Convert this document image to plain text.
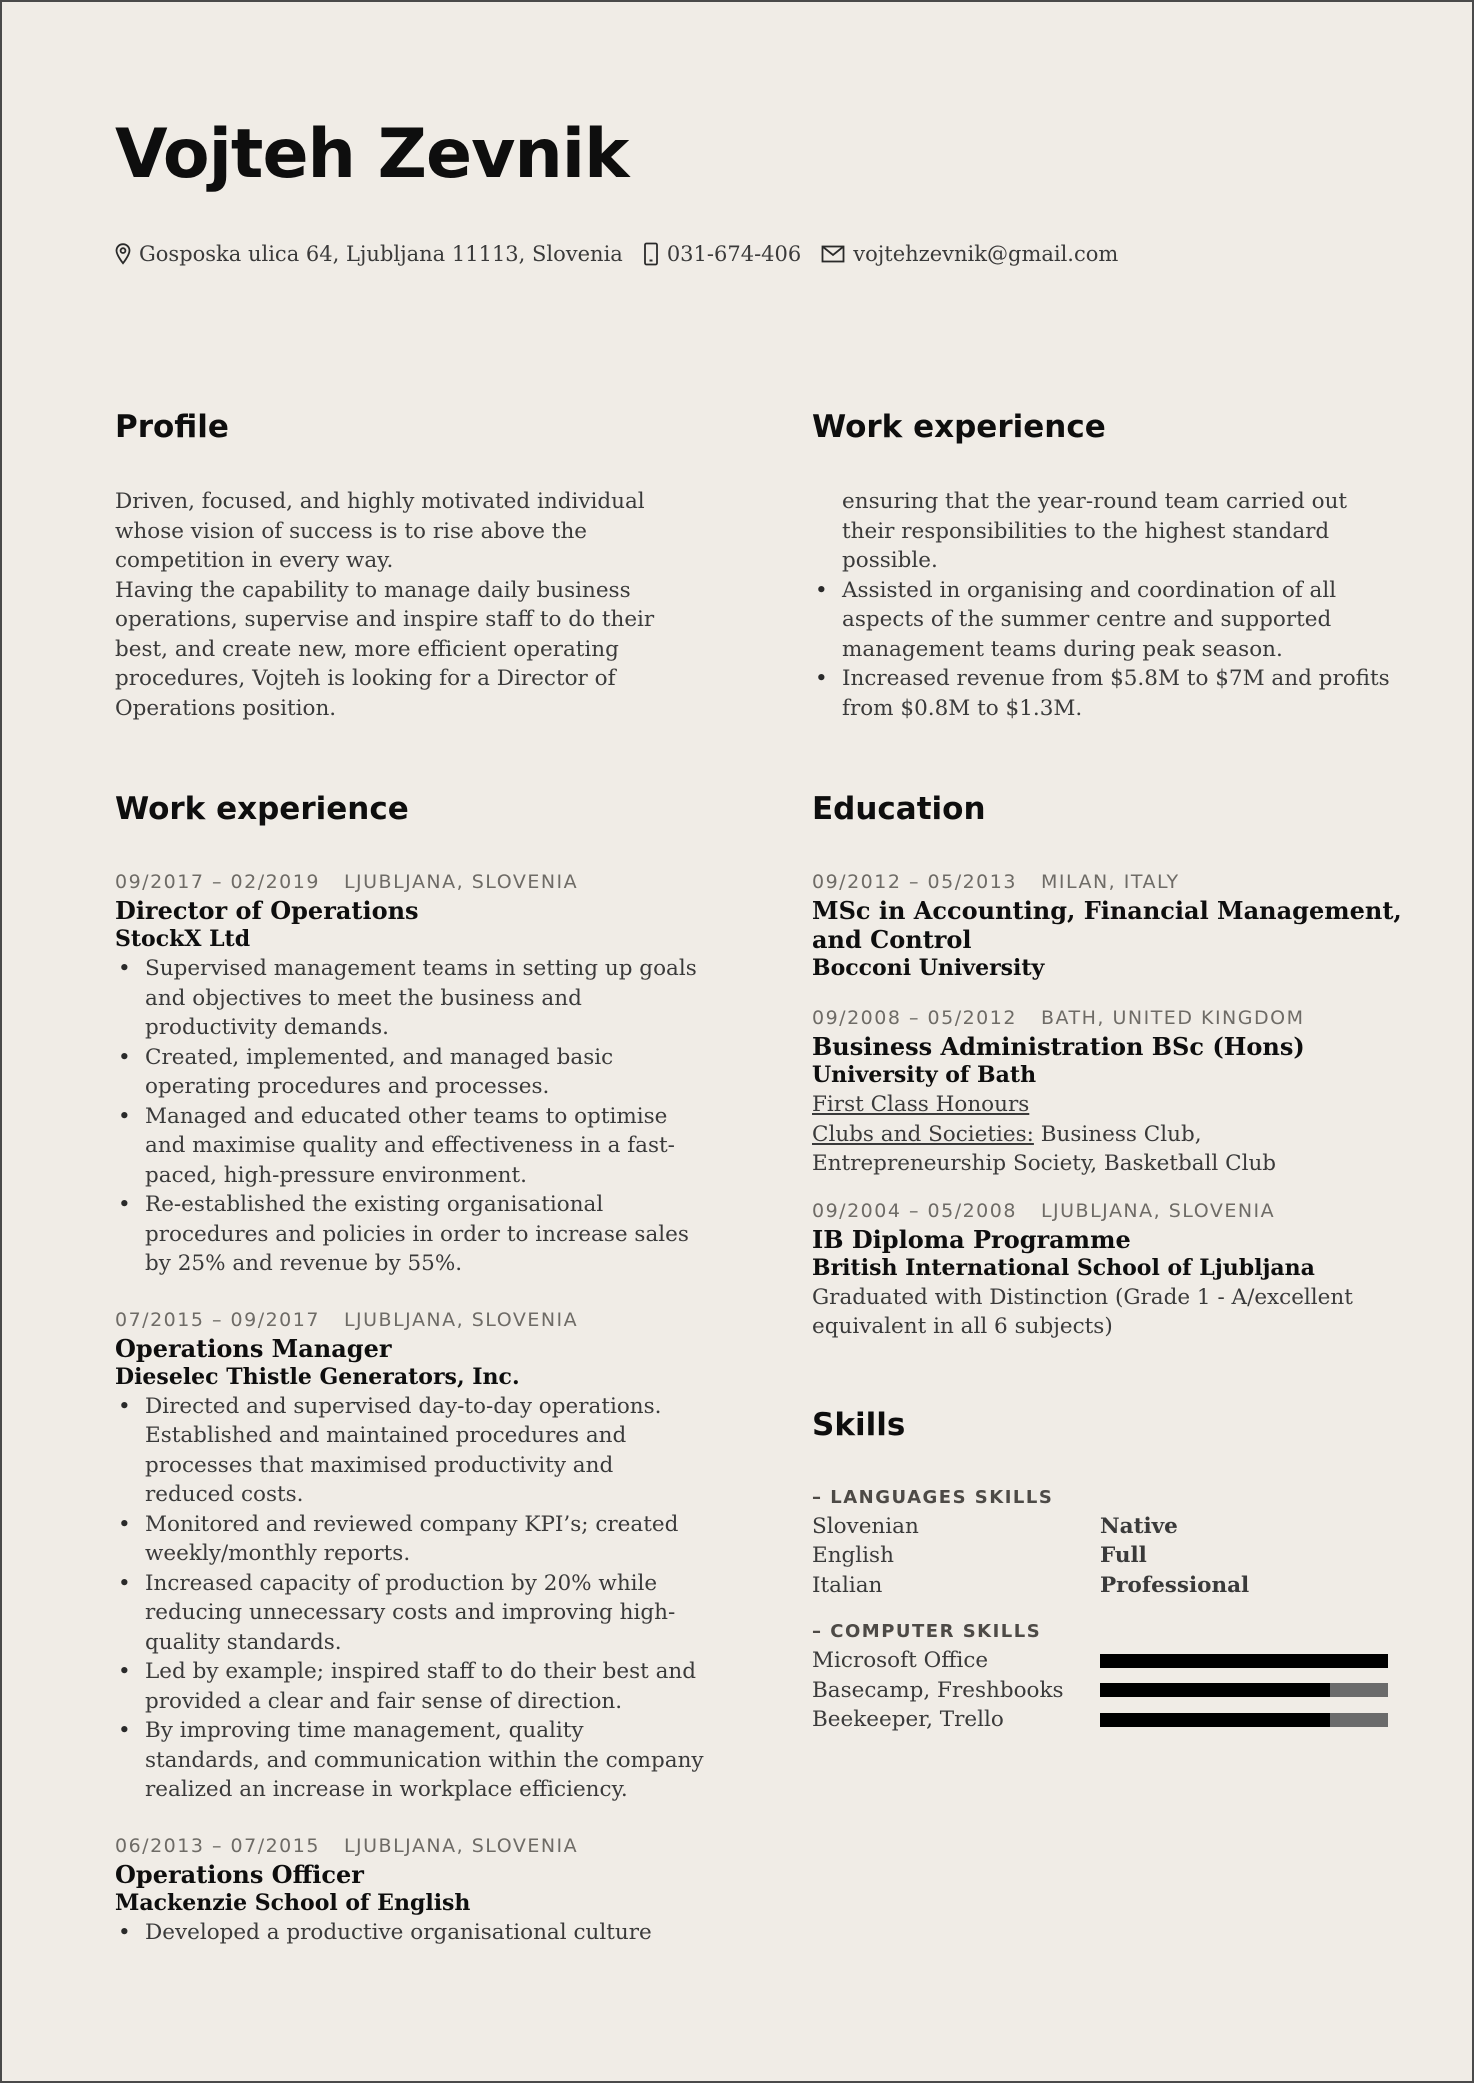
Vojteh Zevnik
Gosposka ulica 64, Ljubljana 11113, Slovenia 031-674-406 vojtehzevnik@gmail.com
Profile
Driven, focused, and highly motivated individual whose vision of success is to rise above the competition in every way.
Having the capability to manage daily business operations, supervise and inspire staff to do their best, and create new, more efficient operating procedures, Vojteh is looking for a Director of Operations position.
Work experience
09/2017 – 02/2019 LJUBLJANA, SLOVENIA
Director of Operations
StockX Ltd
• Supervised management teams in setting up goals and objectives to meet the business and productivity demands.
• Created, implemented, and managed basic operating procedures and processes.
• Managed and educated other teams to optimise and maximise quality and effectiveness in a fast-paced, high-pressure environment.
• Re-established the existing organisational procedures and policies in order to increase sales by 25% and revenue by 55%.
07/2015 – 09/2017 LJUBLJANA, SLOVENIA
Operations Manager
Dieselec Thistle Generators, Inc.
• Directed and supervised day-to-day operations. Established and maintained procedures and processes that maximised productivity and reduced costs.
• Monitored and reviewed company KPI’s; created weekly/monthly reports.
• Increased capacity of production by 20% while reducing unnecessary costs and improving high-quality standards.
• Led by example; inspired staff to do their best and provided a clear and fair sense of direction.
• By improving time management, quality standards, and communication within the company realized an increase in workplace efficiency.
06/2013 – 07/2015 LJUBLJANA, SLOVENIA
Operations Officer
Mackenzie School of English
• Developed a productive organisational culture
Work experience
ensuring that the year-round team carried out their responsibilities to the highest standard possible.
• Assisted in organising and coordination of all aspects of the summer centre and supported management teams during peak season.
• Increased revenue from $5.8M to $7M and profits from $0.8M to $1.3M.
Education
09/2012 – 05/2013 MILAN, ITALY
MSc in Accounting, Financial Management, and Control
Bocconi University
09/2008 – 05/2012 BATH, UNITED KINGDOM
Business Administration BSc (Hons)
University of Bath
First Class Honours
Clubs and Societies: Business Club, Entrepreneurship Society, Basketball Club
09/2004 – 05/2008 LJUBLJANA, SLOVENIA
IB Diploma Programme
British International School of Ljubljana
Graduated with Distinction (Grade 1 - A/excellent equivalent in all 6 subjects)
Skills
– LANGUAGES SKILLS
Slovenian	Native
English	Full
Italian	Professional
– COMPUTER SKILLS
Microsoft Office
Basecamp, Freshbooks
Beekeeper, Trello
